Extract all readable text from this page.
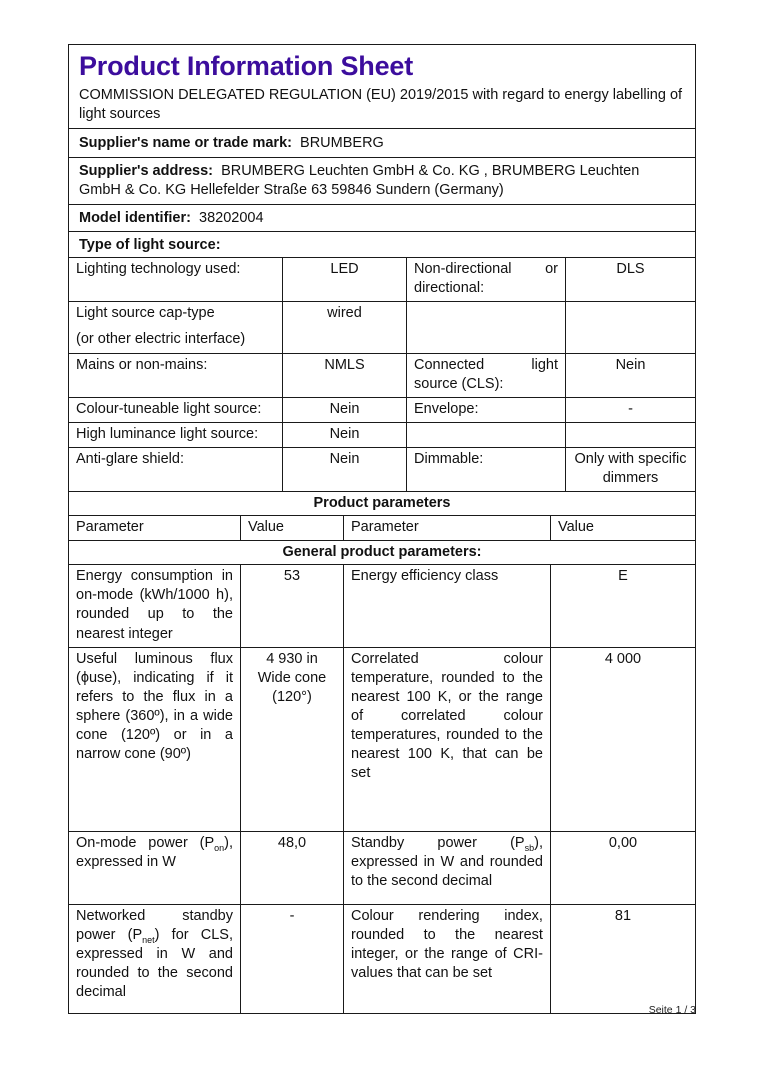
Product Information Sheet
COMMISSION DELEGATED REGULATION (EU) 2019/2015 with regard to energy labelling of light sources
Supplier's name or trade mark: BRUMBERG
Supplier's address: BRUMBERG Leuchten GmbH & Co. KG , BRUMBERG Leuchten GmbH & Co. KG Hellefelder Straße 63 59846 Sundern (Germany)
Model identifier: 38202004
Type of light source:
Lighting technology used:	LED	Non-directional or directional:	DLS

Light source cap-type
(or other electric interface)	wired		
Mains or non-mains:	NMLS	Connected light source (CLS):	Nein
Colour-tuneable light source:	Nein	Envelope:	-
High luminance light source:	Nein		
Anti-glare shield:	Nein	Dimmable:	Only with specific dimmers
Product parameters			
Parameter	Value	Parameter	Value
General product parameters:			
Energy consumption in on-mode (kWh/1000 h), rounded up to the nearest integer	53	Energy efficiency class	E
Useful luminous flux (ϕuse), indicating if it refers to the flux in a sphere (360º), in a wide cone (120º) or in a narrow cone (90º)	4 930 in Wide cone (120°)	Correlated colour temperature, rounded to the nearest 100 K, or the range of correlated colour temperatures, rounded to the nearest 100 K, that can be set	4 000
On-mode power $(P_{on})$, expressed in W	48,0	Standby power $(P_{sb})$, expressed in W and rounded to the second decimal	0,00
Networked standby power $(P_{net})$ for CLS, expressed in W and rounded to the second decimal	-	Colour rendering index, rounded to the nearest integer, or the range of CRI-values that can be set	81
Seite 1 / 3
